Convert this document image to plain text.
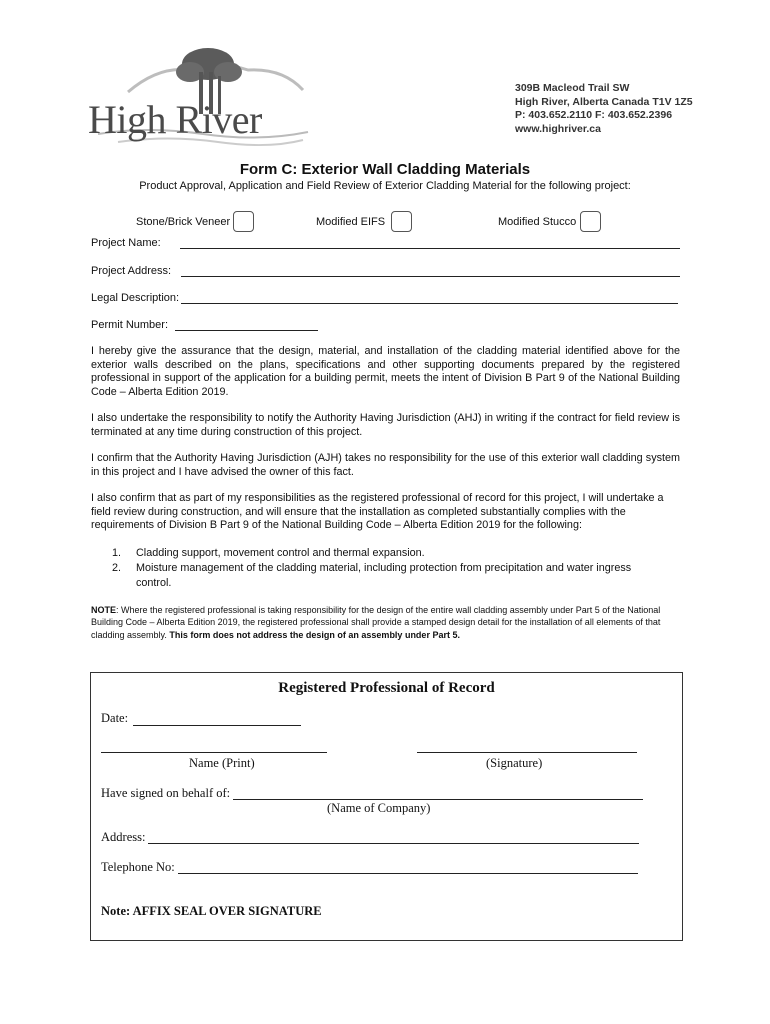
High River
309B Macleod Trail SW
High River, Alberta Canada T1V 1Z5
P: 403.652.2110 F: 403.652.2396
www.highriver.ca
Form C: Exterior Wall Cladding Materials
Product Approval, Application and Field Review of Exterior Cladding Material for the following project:
Stone/Brick Veneer	Modified EIFS	Modified Stucco
Project Name:
Project Address:
Legal Description:
Permit Number:
I hereby give the assurance that the design, material, and installation of the cladding material identified above for the exterior walls described on the plans, specifications and other supporting documents prepared by the registered professional in support of the application for a building permit, meets the intent of Division B Part 9 of the National Building Code – Alberta Edition 2019.
I also undertake the responsibility to notify the Authority Having Jurisdiction (AHJ) in writing if the contract for field review is terminated at any time during construction of this project.
I confirm that the Authority Having Jurisdiction (AJH) takes no responsibility for the use of this exterior wall cladding system in this project and I have advised the owner of this fact.
I also confirm that as part of my responsibilities as the registered professional of record for this project, I will undertake a field review during construction, and will ensure that the installation as completed substantially complies with the requirements of Division B Part 9 of the National Building Code – Alberta Edition 2019 for the following:
1.	Cladding support, movement control and thermal expansion.
2.	Moisture management of the cladding material, including protection from precipitation and water ingress control.
NOTE: Where the registered professional is taking responsibility for the design of the entire wall cladding assembly under Part 5 of the National Building Code – Alberta Edition 2019, the registered professional shall provide a stamped design detail for the installation of all elements of that cladding assembly. This form does not address the design of an assembly under Part 5.
Registered Professional of Record
Date:
Name (Print)	(Signature)
Have signed on behalf of:
(Name of Company)
Address:
Telephone No:
Note: AFFIX SEAL OVER SIGNATURE
